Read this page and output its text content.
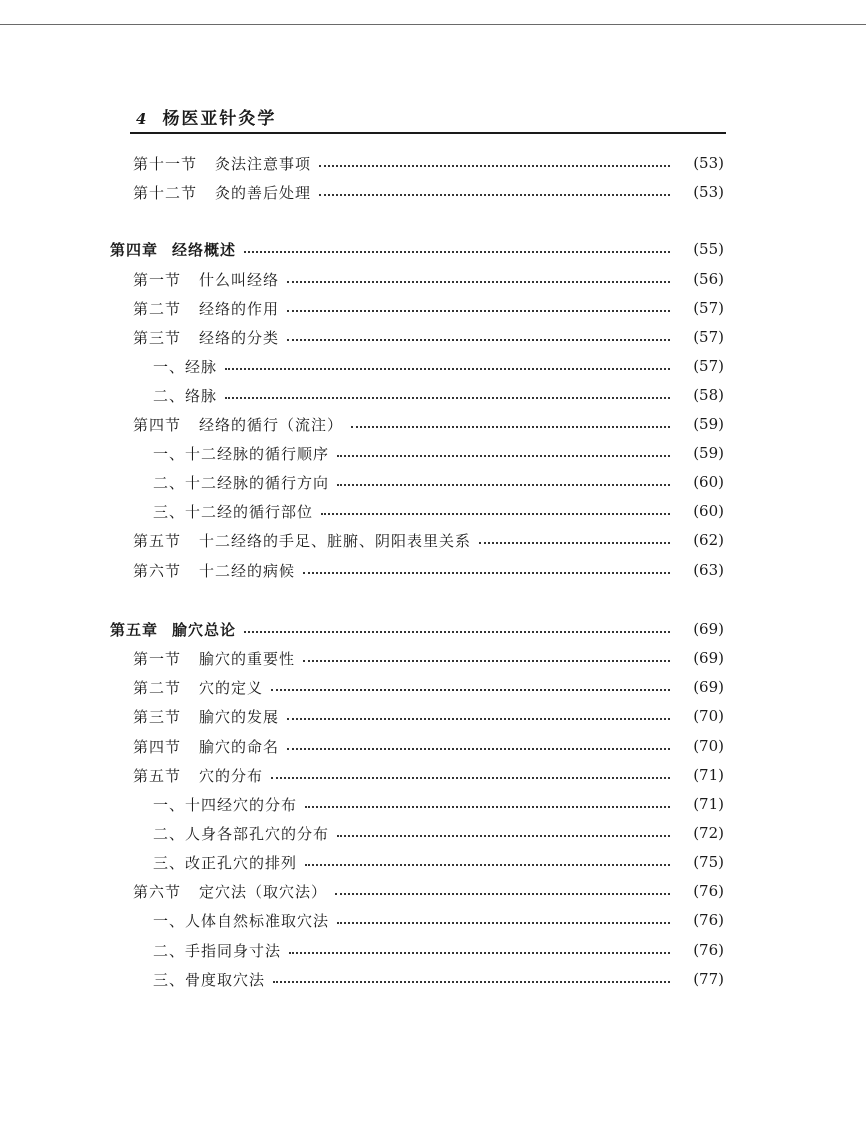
4 杨医亚针灸学
第十一节 灸法注意事项	(53)
第十二节 灸的善后处理	(53)
第四章 经络概述	(55)
第一节 什么叫经络	(56)
第二节 经络的作用	(57)
第三节 经络的分类	(57)
一、经脉	(57)
二、络脉	(58)
第四节 经络的循行（流注）	(59)
一、十二经脉的循行顺序	(59)
二、十二经脉的循行方向	(60)
三、十二经的循行部位	(60)
第五节 十二经络的手足、脏腑、阴阳表里关系	(62)
第六节 十二经的病候	(63)
第五章 腧穴总论	(69)
第一节 腧穴的重要性	(69)
第二节 穴的定义	(69)
第三节 腧穴的发展	(70)
第四节 腧穴的命名	(70)
第五节 穴的分布	(71)
一、十四经穴的分布	(71)
二、人身各部孔穴的分布	(72)
三、改正孔穴的排列	(75)
第六节 定穴法（取穴法）	(76)
一、人体自然标准取穴法	(76)
二、手指同身寸法	(76)
三、骨度取穴法	(77)
